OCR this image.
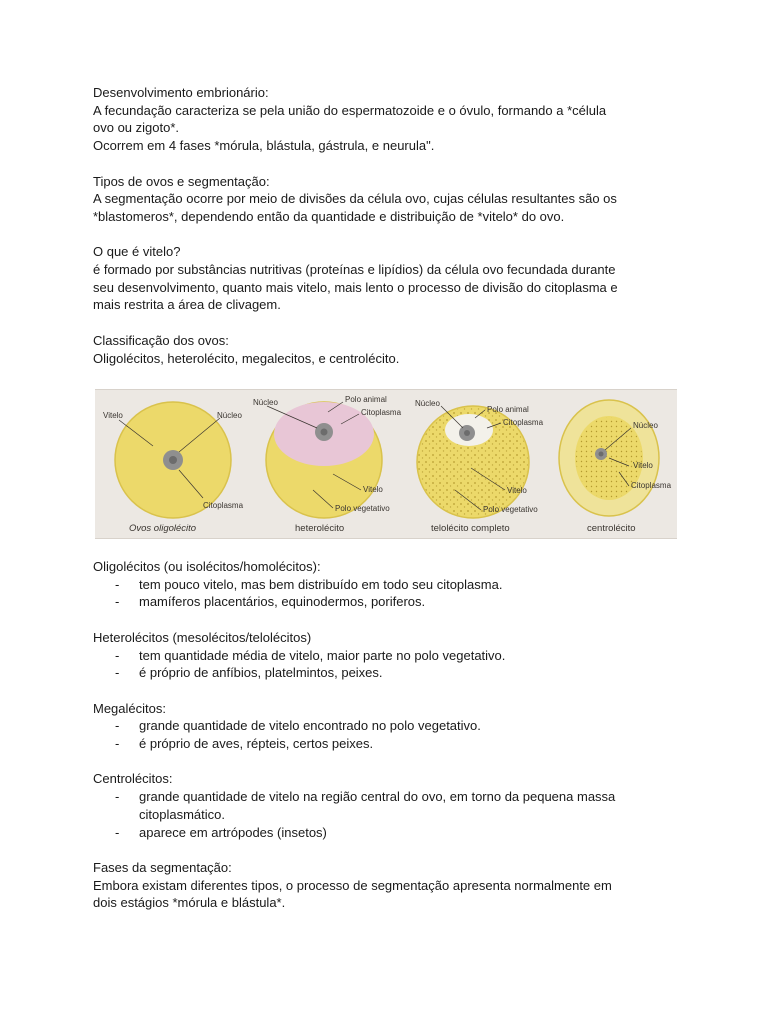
Desenvolvimento embrionário:

A fecundação caracteriza se pela união do espermatozoide e o óvulo, formando a *célula

ovo ou zigoto*.

Ocorrem em 4 fases *mórula, blástula, gástrula, e neurula".

Tipos de ovos e segmentação:

A segmentação ocorre por meio de divisões da célula ovo, cujas células resultantes são os

*blastomeros*, dependendo então da quantidade e distribuição de *vitelo* do ovo.

O que é vitelo?

é formado por substâncias nutritivas (proteínas e lipídios) da célula ovo fecundada durante

seu desenvolvimento, quanto mais vitelo, mais lento o processo de divisão do citoplasma e

mais restrita a área de clivagem.

Classificação dos ovos:

Oligolécitos, heterolécito, megalecitos, e centrolécito.

Vitelo	Núcleo
Citoplasma
Ovos oligolécito
Núcleo	Polo animal
Citoplasma
Vitelo
Polo vegetativo
heterolécito
Núcleo
Polo animal
Citoplasma
Vitelo
Polo vegetativo
telolécito completo
Núcleo
Vitelo
Citoplasma
centrolécito

Oligolécitos (ou isolécitos/homolécitos):

- tem pouco vitelo, mas bem distribuído em todo seu citoplasma.
- mamíferos placentários, equinodermos, poriferos.

Heterolécitos (mesolécitos/telolécitos)

- tem quantidade média de vitelo, maior parte no polo vegetativo.
- é próprio de anfíbios, platelmintos, peixes.

Megalécitos:

- grande quantidade de vitelo encontrado no polo vegetativo.
- é próprio de aves, répteis, certos peixes.

Centrolécitos:

- grande quantidade de vitelo na região central do ovo, em torno da pequena massa
citoplasmático.
- aparece em artrópodes (insetos)

Fases da segmentação:

Embora existam diferentes tipos, o processo de segmentação apresenta normalmente em

dois estágios *mórula e blástula*.
